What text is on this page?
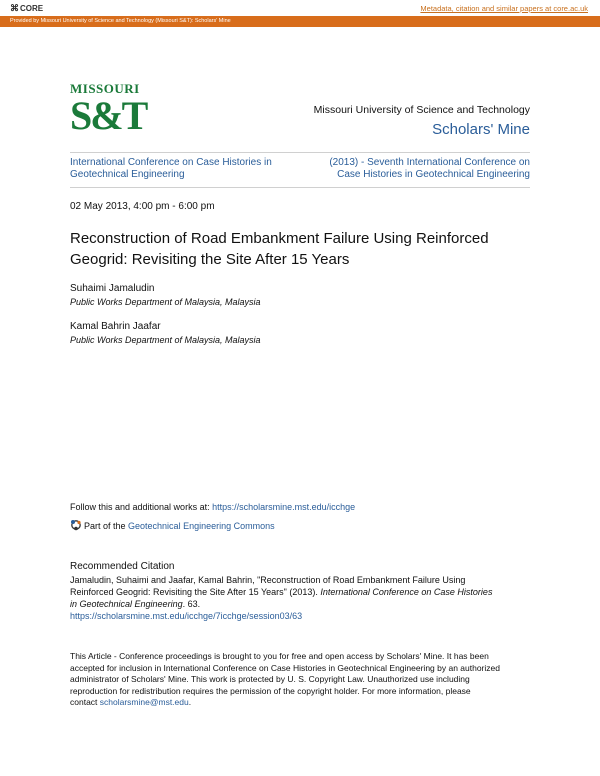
⌘CORE	Metadata, citation and similar papers at core.ac.uk
Provided by Missouri University of Science and Technology (Missouri S&T): Scholars' Mine
MISSOURI
S&T	Missouri University of Science and Technology
Scholars' Mine
International Conference on Case Histories in
Geotechnical Engineering
(2013) - Seventh International Conference on
Case Histories in Geotechnical Engineering
02 May 2013, 4:00 pm - 6:00 pm
Reconstruction of Road Embankment Failure Using Reinforced
Geogrid: Revisiting the Site After 15 Years
Suhaimi Jamaludin
Public Works Department of Malaysia, Malaysia
Kamal Bahrin Jaafar
Public Works Department of Malaysia, Malaysia
Follow this and additional works at: https://scholarsmine.mst.edu/icchge
Part of the Geotechnical Engineering Commons
Recommended Citation
Jamaludin, Suhaimi and Jaafar, Kamal Bahrin, "Reconstruction of Road Embankment Failure Using
Reinforced Geogrid: Revisiting the Site After 15 Years" (2013). International Conference on Case Histories
in Geotechnical Engineering. 63.
https://scholarsmine.mst.edu/icchge/7icchge/session03/63
This Article - Conference proceedings is brought to you for free and open access by Scholars' Mine. It has been
accepted for inclusion in International Conference on Case Histories in Geotechnical Engineering by an authorized
administrator of Scholars' Mine. This work is protected by U. S. Copyright Law. Unauthorized use including
reproduction for redistribution requires the permission of the copyright holder. For more information, please
contact scholarsmine@mst.edu.
